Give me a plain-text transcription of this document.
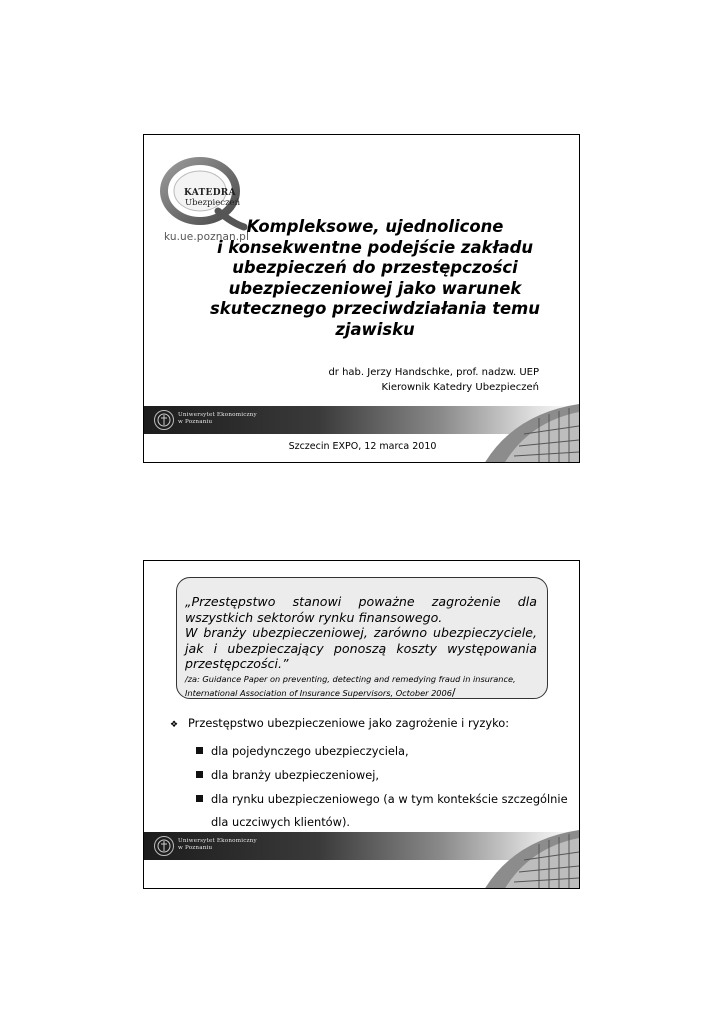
KATEDRA
Ubezpieczeń
ku.ue.poznan.pl
Kompleksowe, ujednolicone
i konsekwentne podejście zakładu
ubezpieczeń do przestępczości
ubezpieczeniowej jako warunek
skutecznego przeciwdziałania temu
zjawisku
dr hab. Jerzy Handschke, prof. nadzw. UEP
Kierownik Katedry Ubezpieczeń
Uniwersytet Ekonomiczny
w Poznaniu
Szczecin EXPO, 12 marca 2010

„Przestępstwo stanowi poważne zagrożenie dla

wszystkich sektorów rynku finansowego.

W branży ubezpieczeniowej, zarówno ubezpieczyciele,

jak i ubezpieczający ponoszą koszty występowania

przestępczości.”

/za: Guidance Paper on preventing, detecting and remedying fraud in insurance,
International Association of Insurance Supervisors, October 2006/
❖ Przestępstwo ubezpieczeniowe jako zagrożenie i ryzyko:
dla pojedynczego ubezpieczyciela,
dla branży ubezpieczeniowej,
dla rynku ubezpieczeniowego (a w tym kontekście szczególnie
dla uczciwych klientów).
Uniwersytet Ekonomiczny
w Poznaniu
